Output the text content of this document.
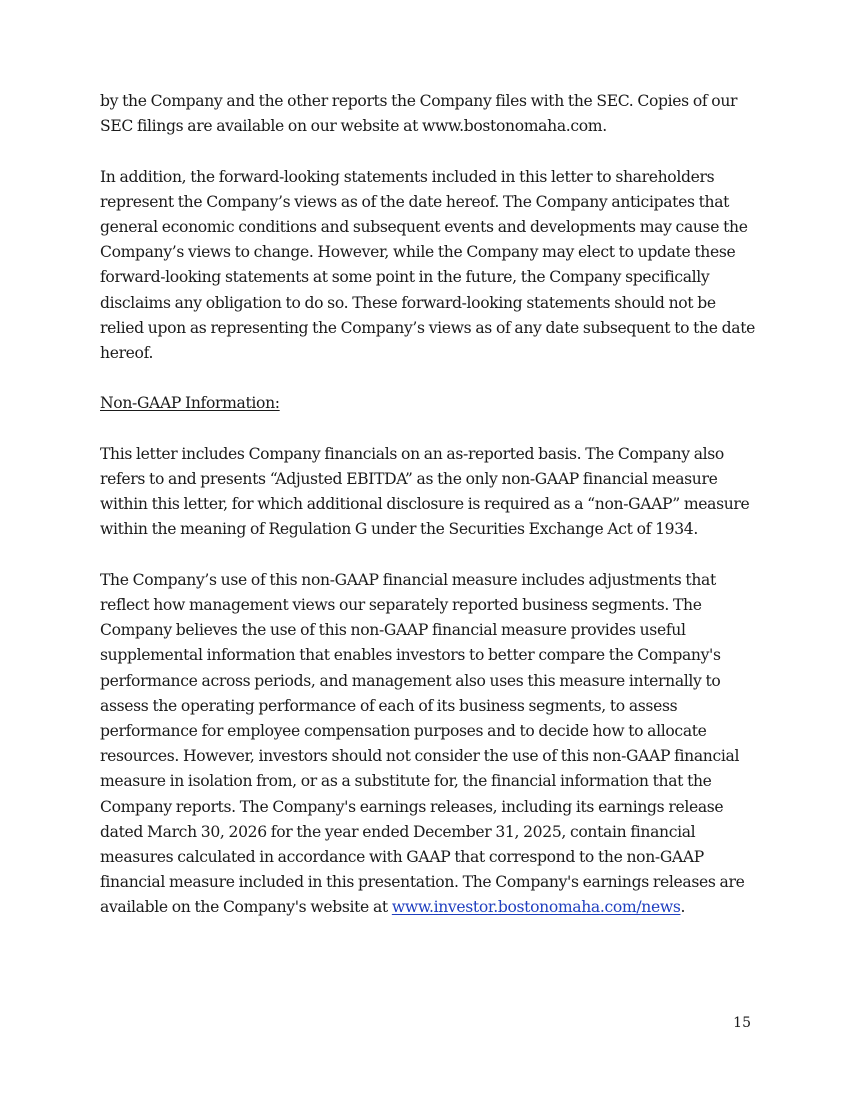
by the Company and the other reports the Company files with the SEC. Copies of our SEC filings are available on our website at www.bostonomaha.com.

In addition, the forward-looking statements included in this letter to shareholders represent the Company’s views as of the date hereof. The Company anticipates that general economic conditions and subsequent events and developments may cause the Company’s views to change. However, while the Company may elect to update these forward-looking statements at some point in the future, the Company specifically disclaims any obligation to do so. These forward-looking statements should not be relied upon as representing the Company’s views as of any date subsequent to the date hereof.

Non-GAAP Information:

This letter includes Company financials on an as-reported basis. The Company also refers to and presents “Adjusted EBITDA” as the only non-GAAP financial measure within this letter, for which additional disclosure is required as a “non-GAAP” measure within the meaning of Regulation G under the Securities Exchange Act of 1934.

The Company’s use of this non-GAAP financial measure includes adjustments that reflect how management views our separately reported business segments. The Company believes the use of this non-GAAP financial measure provides useful supplemental information that enables investors to better compare the Company's performance across periods, and management also uses this measure internally to assess the operating performance of each of its business segments, to assess performance for employee compensation purposes and to decide how to allocate resources. However, investors should not consider the use of this non-GAAP financial measure in isolation from, or as a substitute for, the financial information that the Company reports. The Company's earnings releases, including its earnings release dated March 30, 2026 for the year ended December 31, 2025, contain financial measures calculated in accordance with GAAP that correspond to the non-GAAP financial measure included in this presentation. The Company's earnings releases are available on the Company's website at www.investor.bostonomaha.com/news.

15
